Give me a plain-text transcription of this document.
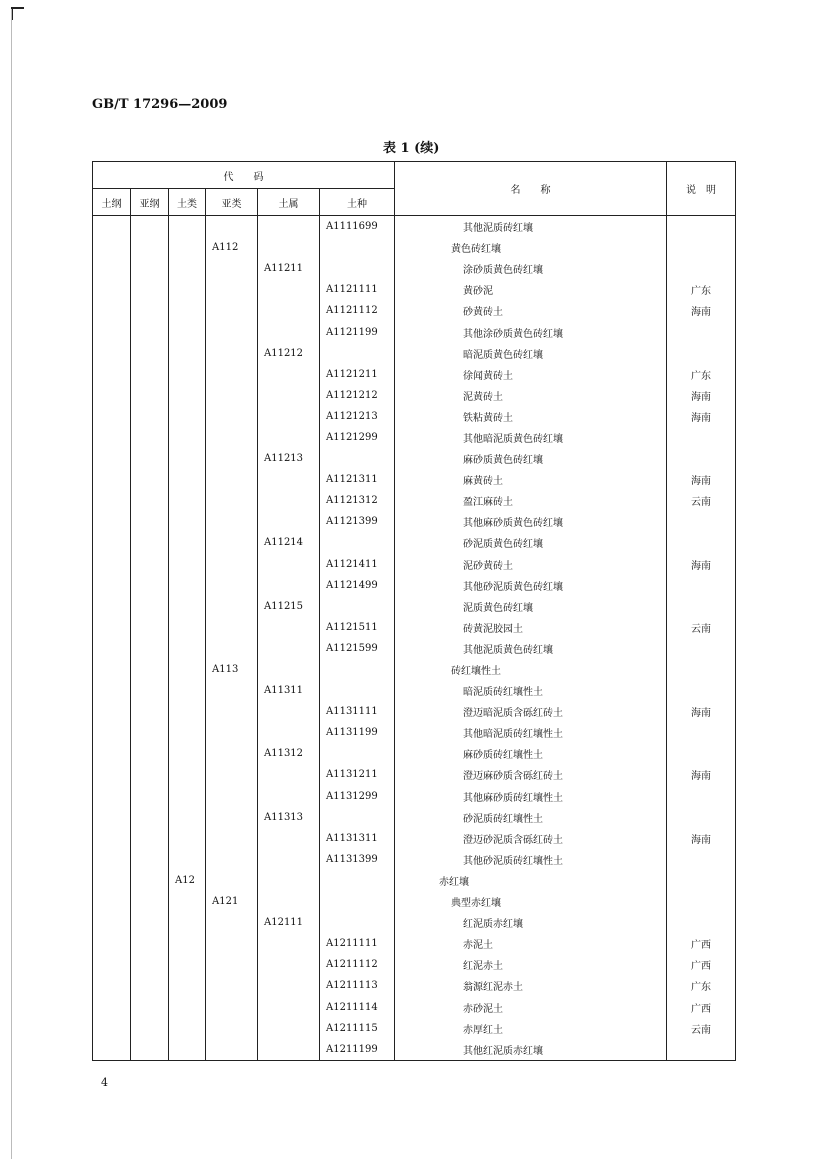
GB/T 17296—2009
表 1 (续)
代　　码						名　　称	说　明
土纲	亚纲	土类	亚类	土属	土种		
					A1111699	其他泥质砖红壤	
			A112			黄色砖红壤	
				A11211		涂砂质黄色砖红壤	
					A1121111	黄砂泥	广东
					A1121112	砂黄砖土	海南
					A1121199	其他涂砂质黄色砖红壤	
				A11212		暗泥质黄色砖红壤	
					A1121211	徐闻黄砖土	广东
					A1121212	泥黄砖土	海南
					A1121213	铁粘黄砖土	海南
					A1121299	其他暗泥质黄色砖红壤	
				A11213		麻砂质黄色砖红壤	
					A1121311	麻黄砖土	海南
					A1121312	盈江麻砖土	云南
					A1121399	其他麻砂质黄色砖红壤	
				A11214		砂泥质黄色砖红壤	
					A1121411	泥砂黄砖土	海南
					A1121499	其他砂泥质黄色砖红壤	
				A11215		泥质黄色砖红壤	
					A1121511	砖黄泥胶园土	云南
					A1121599	其他泥质黄色砖红壤	
			A113			砖红壤性土	
				A11311		暗泥质砖红壤性土	
					A1131111	澄迈暗泥质含砾红砖土	海南
					A1131199	其他暗泥质砖红壤性土	
				A11312		麻砂质砖红壤性土	
					A1131211	澄迈麻砂质含砾红砖土	海南
					A1131299	其他麻砂质砖红壤性土	
				A11313		砂泥质砖红壤性土	
					A1131311	澄迈砂泥质含砾红砖土	海南
					A1131399	其他砂泥质砖红壤性土	
		A12				赤红壤	
			A121			典型赤红壤	
				A12111		红泥质赤红壤	
					A1211111	赤泥土	广西
					A1211112	红泥赤土	广西
					A1211113	翁源红泥赤土	广东
					A1211114	赤砂泥土	广西
					A1211115	赤厚红土	云南
					A1211199	其他红泥质赤红壤	
4
